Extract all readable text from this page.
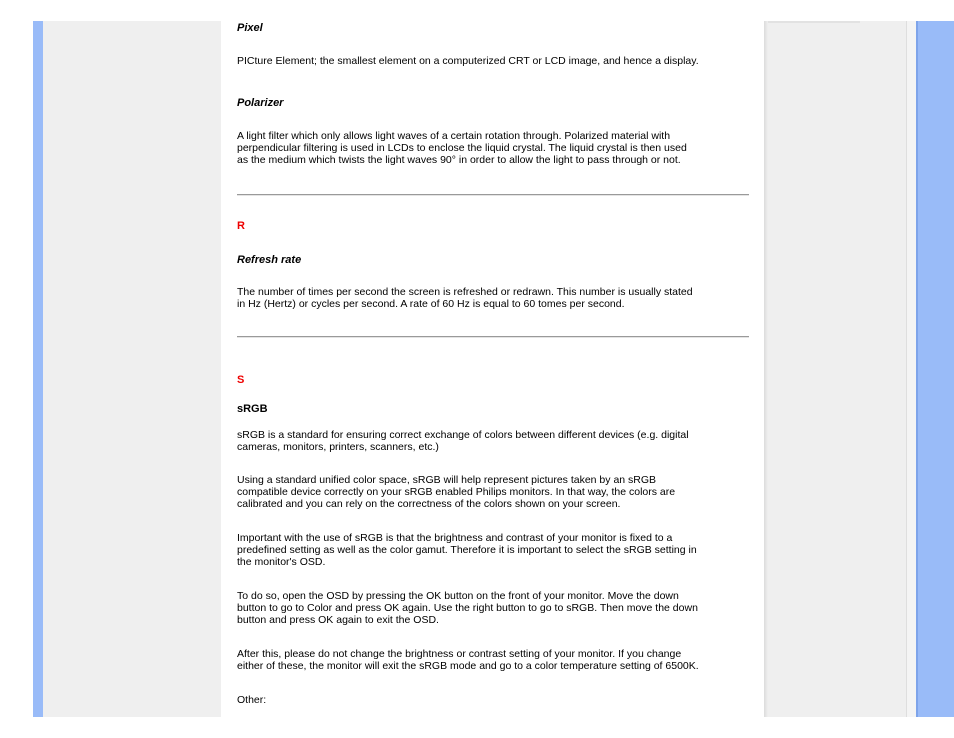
Pixel

PICture Element; the smallest element on a computerized CRT or LCD image, and hence a display.

Polarizer

A light filter which only allows light waves of a certain rotation through. Polarized material with
perpendicular filtering is used in LCDs to enclose the liquid crystal. The liquid crystal is then used
as the medium which twists the light waves 90° in order to allow the light to pass through or not.

R

Refresh rate

The number of times per second the screen is refreshed or redrawn. This number is usually stated
in Hz (Hertz) or cycles per second. A rate of 60 Hz is equal to 60 tomes per second.

S

sRGB

sRGB is a standard for ensuring correct exchange of colors between different devices (e.g. digital
cameras, monitors, printers, scanners, etc.)
Using a standard unified color space, sRGB will help represent pictures taken by an sRGB
compatible device correctly on your sRGB enabled Philips monitors. In that way, the colors are
calibrated and you can rely on the correctness of the colors shown on your screen.
Important with the use of sRGB is that the brightness and contrast of your monitor is fixed to a
predefined setting as well as the color gamut. Therefore it is important to select the sRGB setting in
the monitor's OSD.
To do so, open the OSD by pressing the OK button on the front of your monitor. Move the down
button to go to Color and press OK again. Use the right button to go to sRGB. Then move the down
button and press OK again to exit the OSD.
After this, please do not change the brightness or contrast setting of your monitor. If you change
either of these, the monitor will exit the sRGB mode and go to a color temperature setting of 6500K.

Other:
